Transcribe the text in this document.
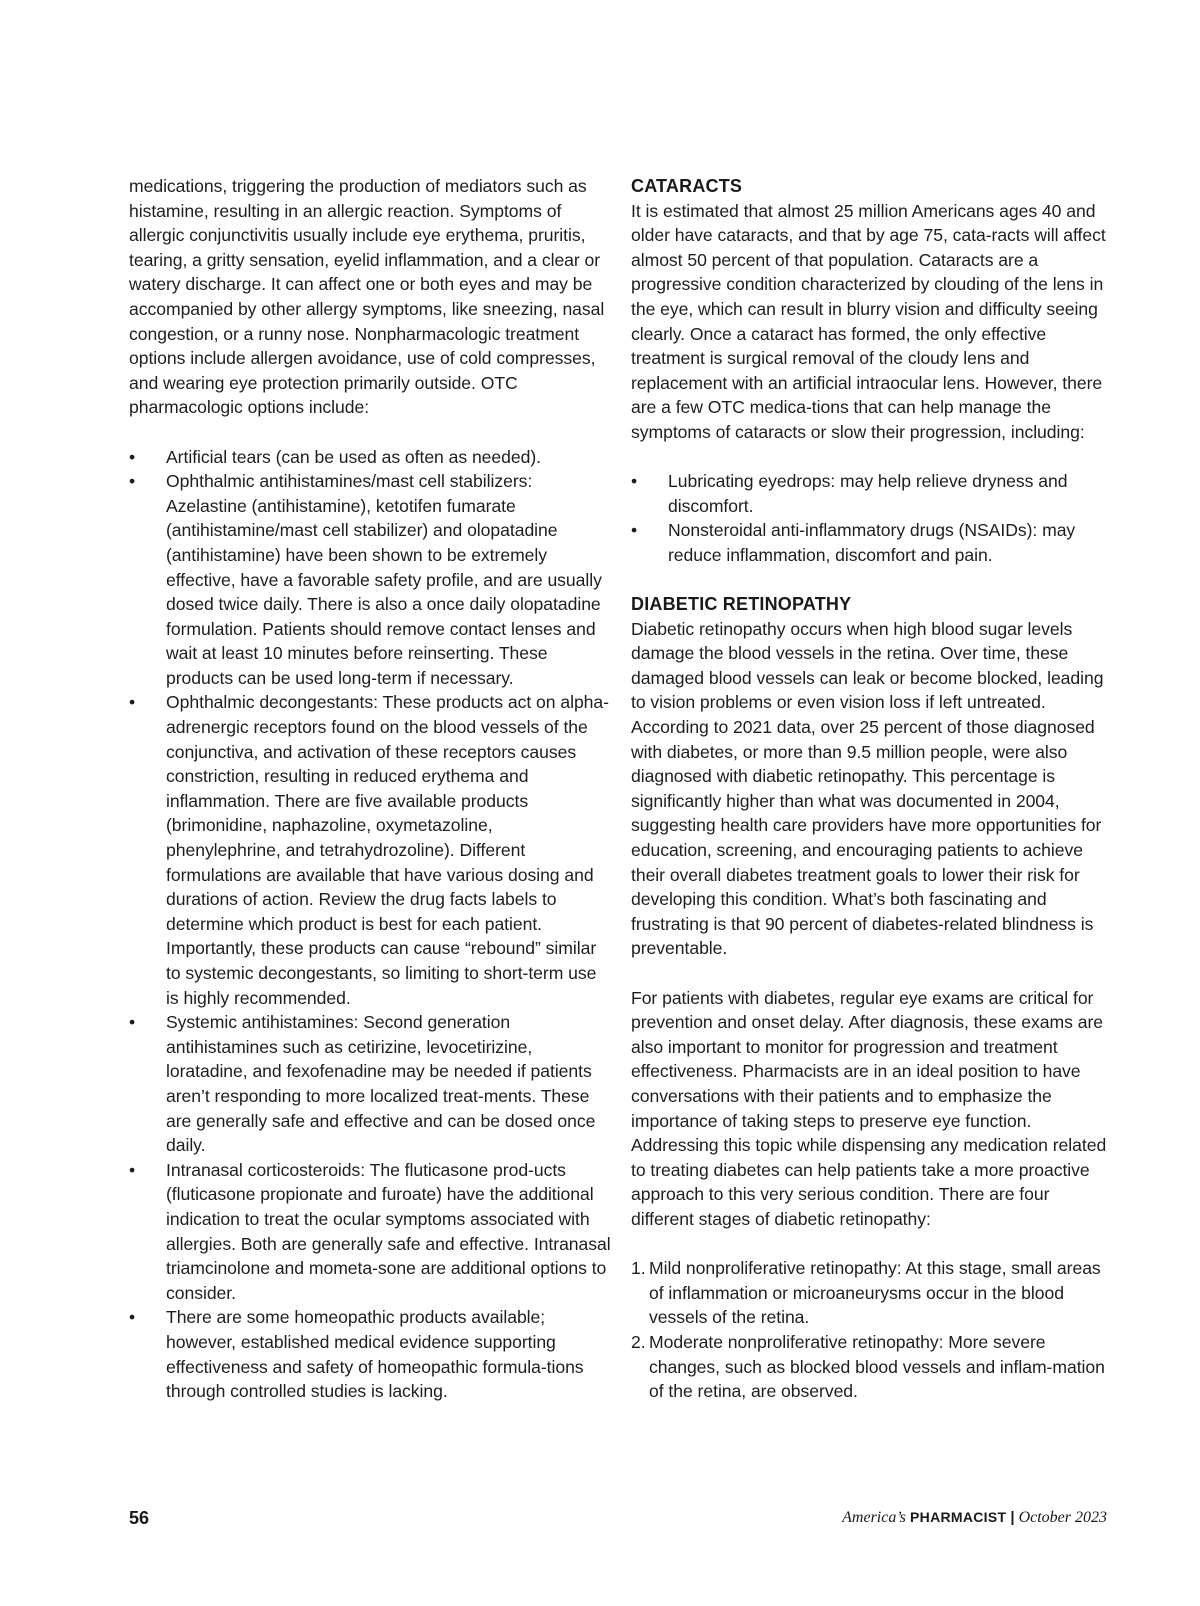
medications, triggering the production of mediators such as histamine, resulting in an allergic reaction. Symptoms of allergic conjunctivitis usually include eye erythema, pruritis, tearing, a gritty sensation, eyelid inflammation, and a clear or watery discharge. It can affect one or both eyes and may be accompanied by other allergy symptoms, like sneezing, nasal congestion, or a runny nose. Nonpharmacologic treatment options include allergen avoidance, use of cold compresses, and wearing eye protection primarily outside. OTC pharmacologic options include:

• Artificial tears (can be used as often as needed).
• Ophthalmic antihistamines/mast cell stabilizers: Azelastine (antihistamine), ketotifen fumarate (antihistamine/mast cell stabilizer) and olopatadine (antihistamine) have been shown to be extremely effective, have a favorable safety profile, and are usually dosed twice daily. There is also a once daily olopatadine formulation. Patients should remove contact lenses and wait at least 10 minutes before reinserting. These products can be used long-term if necessary.
• Ophthalmic decongestants: These products act on alpha-adrenergic receptors found on the blood vessels of the conjunctiva, and activation of these receptors causes constriction, resulting in reduced erythema and inflammation. There are five available products (brimonidine, naphazoline, oxymetazoline, phenylephrine, and tetrahydrozoline). Different formulations are available that have various dosing and durations of action. Review the drug facts labels to determine which product is best for each patient. Importantly, these products can cause “rebound” similar to systemic decongestants, so limiting to short-term use is highly recommended.
• Systemic antihistamines: Second generation antihistamines such as cetirizine, levocetirizine, loratadine, and fexofenadine may be needed if patients aren’t responding to more localized treat-ments. These are generally safe and effective and can be dosed once daily.
• Intranasal corticosteroids: The fluticasone prod-ucts (fluticasone propionate and furoate) have the additional indication to treat the ocular symptoms associated with allergies. Both are generally safe and effective. Intranasal triamcinolone and mometa-sone are additional options to consider.
• There are some homeopathic products available; however, established medical evidence supporting effectiveness and safety of homeopathic formula-tions through controlled studies is lacking.
CATARACTS

It is estimated that almost 25 million Americans ages 40 and older have cataracts, and that by age 75, cata-racts will affect almost 50 percent of that population. Cataracts are a progressive condition characterized by clouding of the lens in the eye, which can result in blurry vision and difficulty seeing clearly. Once a cataract has formed, the only effective treatment is surgical removal of the cloudy lens and replacement with an artificial intraocular lens. However, there are a few OTC medica-tions that can help manage the symptoms of cataracts or slow their progression, including:

• Lubricating eyedrops: may help relieve dryness and discomfort.
• Nonsteroidal anti-inflammatory drugs (NSAIDs): may reduce inflammation, discomfort and pain.
DIABETIC RETINOPATHY

Diabetic retinopathy occurs when high blood sugar levels damage the blood vessels in the retina. Over time, these damaged blood vessels can leak or become blocked, leading to vision problems or even vision loss if left untreated. According to 2021 data, over 25 percent of those diagnosed with diabetes, or more than 9.5 million people, were also diagnosed with diabetic retinopathy. This percentage is significantly higher than what was documented in 2004, suggesting health care providers have more opportunities for education, screening, and encouraging patients to achieve their overall diabetes treatment goals to lower their risk for developing this condition. What’s both fascinating and frustrating is that 90 percent of diabetes-related blindness is preventable.

For patients with diabetes, regular eye exams are critical for prevention and onset delay. After diagnosis, these exams are also important to monitor for progression and treatment effectiveness. Pharmacists are in an ideal position to have conversations with their patients and to emphasize the importance of taking steps to preserve eye function. Addressing this topic while dispensing any medication related to treating diabetes can help patients take a more proactive approach to this very serious condition. There are four different stages of diabetic retinopathy:

1. Mild nonproliferative retinopathy: At this stage, small areas of inflammation or microaneurysms occur in the blood vessels of the retina.
2. Moderate nonproliferative retinopathy: More severe changes, such as blocked blood vessels and inflam-mation of the retina, are observed.
56	America’s PHARMACIST | October 2023
